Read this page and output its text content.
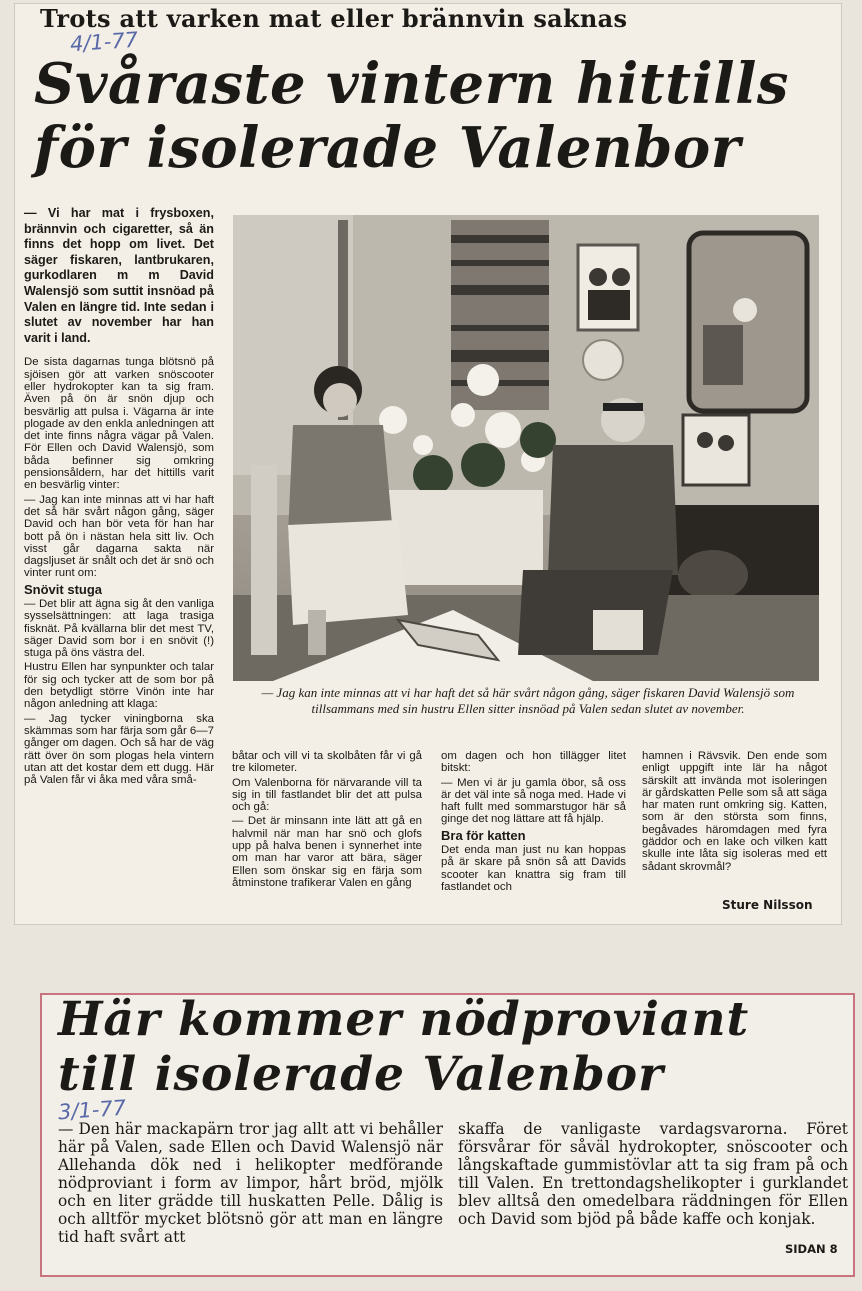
Trots att varken mat eller brännvin saknas
4/1-77
Svåraste vintern hittills
för isolerade Valenbor

— Vi har mat i frysboxen, brännvin och cigaretter, så än finns det hopp om livet. Det säger fiskaren, lantbrukaren, gurkodlaren m m David Walensjö som suttit insnöad på Valen en längre tid. Inte sedan i slutet av november har han varit i land.

De sista dagarnas tunga blötsnö på sjöisen gör att varken snöscooter eller hydrokopter kan ta sig fram. Även på ön är snön djup och besvärlig att pulsa i. Vägarna är inte plogade av den enkla anledningen att det inte finns några vägar på Valen. För Ellen och David Walensjö, som båda befinner sig omkring pensionsåldern, har det hittills varit en besvärlig vinter:

— Jag kan inte minnas att vi har haft det så här svårt någon gång, säger David och han bör veta för han har bott på ön i nästan hela sitt liv. Och visst går dagarna sakta när dagsljuset är snålt och det är snö och vinter runt om:

Snövit stuga

— Det blir att ägna sig åt den vanliga sysselsättningen: att laga trasiga fisknät. På kvällarna blir det mest TV, säger David som bor i en snövit (!) stuga på öns västra del.

Hustru Ellen har synpunkter och talar för sig och tycker att de som bor på den betydligt större Vinön inte har någon anledning att klaga:

— Jag tycker viningborna ska skämmas som har färja som går 6—7 gånger om dagen. Och så har de väg rätt över ön som plogas hela vintern utan att det kostar dem ett dugg. Här på Valen får vi åka med våra små-

— Jag kan inte minnas att vi har haft det så här svårt någon gång, säger fiskaren David Walensjö som tillsammans med sin hustru Ellen sitter insnöad på Valen sedan slutet av november.

båtar och vill vi ta skolbåten får vi gå tre kilometer.

Om Valenborna för närvarande vill ta sig in till fastlandet blir det att pulsa och gå:

— Det är minsann inte lätt att gå en halvmil när man har snö och glofs upp på halva benen i synnerhet inte om man har varor att bära, säger Ellen som önskar sig en färja som åtminstone trafikerar Valen en gång

om dagen och hon tillägger litet bitskt:

— Men vi är ju gamla öbor, så oss är det väl inte så noga med. Hade vi haft fullt med sommarstugor här så ginge det nog lättare att få hjälp.

Bra för katten

Det enda man just nu kan hoppas på är skare på snön så att Davids scooter kan knattra sig fram till fastlandet och

hamnen i Rävsvik. Den ende som enligt uppgift inte lär ha något särskilt att invända mot isoleringen är gårdskatten Pelle som så att säga har maten runt omkring sig. Katten, som är den största som finns, begåvades häromdagen med fyra gäddor och en lake och vilken katt skulle inte låta sig isoleras med ett sådant skrovmål?

Sture Nilsson
Här kommer nödproviant
till isolerade Valenbor
3/1-77
— Den här mackapärn tror jag allt att vi behåller här på Valen, sade Ellen och David Walensjö när Allehanda dök ned i helikopter medförande nödproviant i form av limpor, hårt bröd, mjölk och en liter grädde till huskatten Pelle. Dålig is och alltför mycket blötsnö gör att man en längre tid haft svårt att
skaffa de vanligaste vardagsvarorna. Föret försvårar för såväl hydrokopter, snöscooter och långskaftade gummistövlar att ta sig fram på och till Valen. En trettondagshelikopter i gurklandet blev alltså den omedelbara räddningen för Ellen och David som bjöd på både kaffe och konjak.
SIDAN 8
